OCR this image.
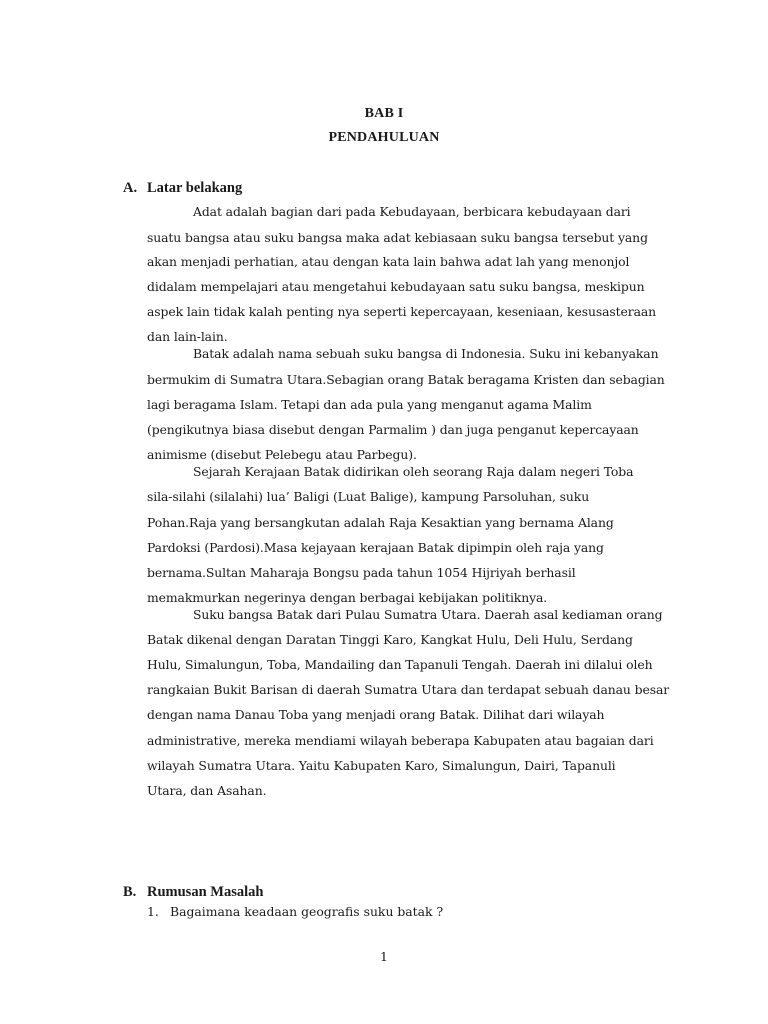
BAB I
PENDAHULUAN
A. Latar belakang
Adat adalah bagian dari pada Kebudayaan, berbicara kebudayaan dari
suatu bangsa atau suku bangsa maka adat kebiasaan suku bangsa tersebut yang
akan menjadi perhatian, atau dengan kata lain bahwa adat lah yang menonjol
didalam mempelajari atau mengetahui kebudayaan satu suku bangsa, meskipun
aspek lain tidak kalah penting nya seperti kepercayaan, keseniaan, kesusasteraan
dan lain-lain.
Batak adalah nama sebuah suku bangsa di Indonesia. Suku ini kebanyakan
bermukim di Sumatra Utara.Sebagian orang Batak beragama Kristen dan sebagian
lagi beragama Islam. Tetapi dan ada pula yang menganut agama Malim
(pengikutnya biasa disebut dengan Parmalim ) dan juga penganut kepercayaan
animisme (disebut Pelebegu atau Parbegu).
Sejarah Kerajaan Batak didirikan oleh seorang Raja dalam negeri Toba
sila-silahi (silalahi) lua’ Baligi (Luat Balige), kampung Parsoluhan, suku
Pohan.Raja yang bersangkutan adalah Raja Kesaktian yang bernama Alang
Pardoksi (Pardosi).Masa kejayaan kerajaan Batak dipimpin oleh raja yang
bernama.Sultan Maharaja Bongsu pada tahun 1054 Hijriyah berhasil
memakmurkan negerinya dengan berbagai kebijakan politiknya.
Suku bangsa Batak dari Pulau Sumatra Utara. Daerah asal kediaman orang
Batak dikenal dengan Daratan Tinggi Karo, Kangkat Hulu, Deli Hulu, Serdang
Hulu, Simalungun, Toba, Mandailing dan Tapanuli Tengah. Daerah ini dilalui oleh
rangkaian Bukit Barisan di daerah Sumatra Utara dan terdapat sebuah danau besar
dengan nama Danau Toba yang menjadi orang Batak. Dilihat dari wilayah
administrative, mereka mendiami wilayah beberapa Kabupaten atau bagaian dari
wilayah Sumatra Utara. Yaitu Kabupaten Karo, Simalungun, Dairi, Tapanuli
Utara, dan Asahan.
B. Rumusan Masalah
1. Bagaimana keadaan geografis suku batak ?
1
